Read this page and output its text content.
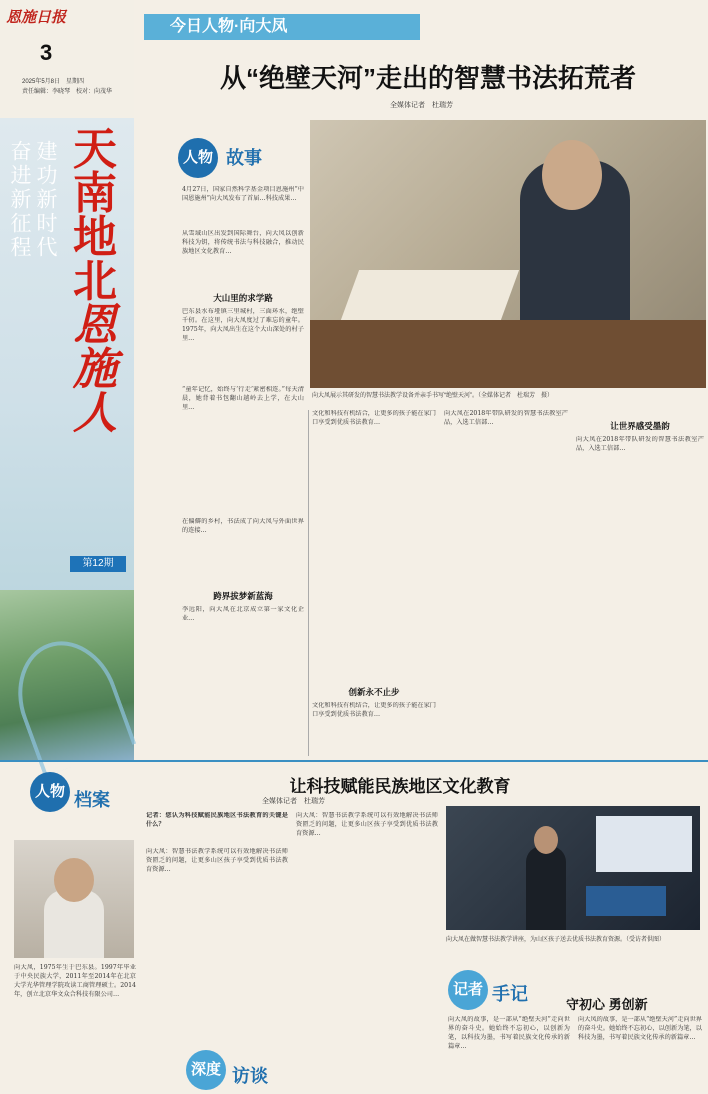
恩施日报
3
2025年5月8日　星期四
责任编辑：李晓琴　校对：向茂华
建功新时代
奋进新征程 天
南
地
北
恩
施
人
第12期
今日人物·向大凤
从“绝壁天河”走出的智慧书法拓荒者
全媒体记者　杜瑞芳
人物 故事
向大凤展示其研发的智慧书法教学设备并亲手书写“绝壁天河”。（全媒体记者　杜瑞芳　摄）
4月27日，国家自然科学基金项目恩施州“中国恩施州”向大凤发布了首届…科技成果…
从雪域山区出发到国际舞台，向大凤以创新科技为钥，将传统书法与科技融合，推动民族地区文化教育…
大山里的求学路
巴东县水布垭镇三里城村，三面环水，绝壁千仞。在这里，向大凤度过了难忘的童年。1975年，向大凤出生在这个大山深处的村子里…
“童年记忆，始终与‘行走’紧密相连。”每天清晨，她背着书包翻山越岭去上学，在大山里…
在偏僻的乡村，书法成了向大凤与外面世界的连接…
跨界拔梦新蓝海
李远阳，向大凤在北京成立第一家文化企业…
文化和科技有机结合，让更多的孩子能在家门口享受到优质书法教育…
创新永不止步
文化和科技有机结合，让更多的孩子能在家门口享受到优质书法教育…
向大凤在2018年带队研发的智慧书法教室产品，入选工信部…	让世界感受墨韵
向大凤在2018年带队研发的智慧书法教室产品，入选工信部…
人物 档案
让科技赋能民族地区文化教育
全媒体记者　杜瑞芳
向大凤，1975年生于巴东县。1997年毕业于中央民族大学，2011年至2014年在北京大学光华管理学院攻读工商管理硕士。2014年，创立北京华文众合科技有限公司…
记者：您认为科技赋能民族地区书法教育的关键是什么？
向大凤：智慧书法教学系统可以有效地解决书法师资匮乏的问题，让更多山区孩子享受到优质书法教育资源…
向大凤：智慧书法教学系统可以有效地解决书法师资匮乏的问题，让更多山区孩子享受到优质书法教育资源…
深度 访谈
向大凤在做智慧书法教学讲座，为山区孩子送去优质书法教育资源。（受访者供图）
记者 手记
守初心 勇创新
向大凤的故事，是一部从“绝壁天河”走向世界的奋斗史。她始终不忘初心，以创新为笔，以科技为墨，书写着民族文化传承的新篇章…
向大凤的故事，是一部从“绝壁天河”走向世界的奋斗史。她始终不忘初心，以创新为笔，以科技为墨，书写着民族文化传承的新篇章…
